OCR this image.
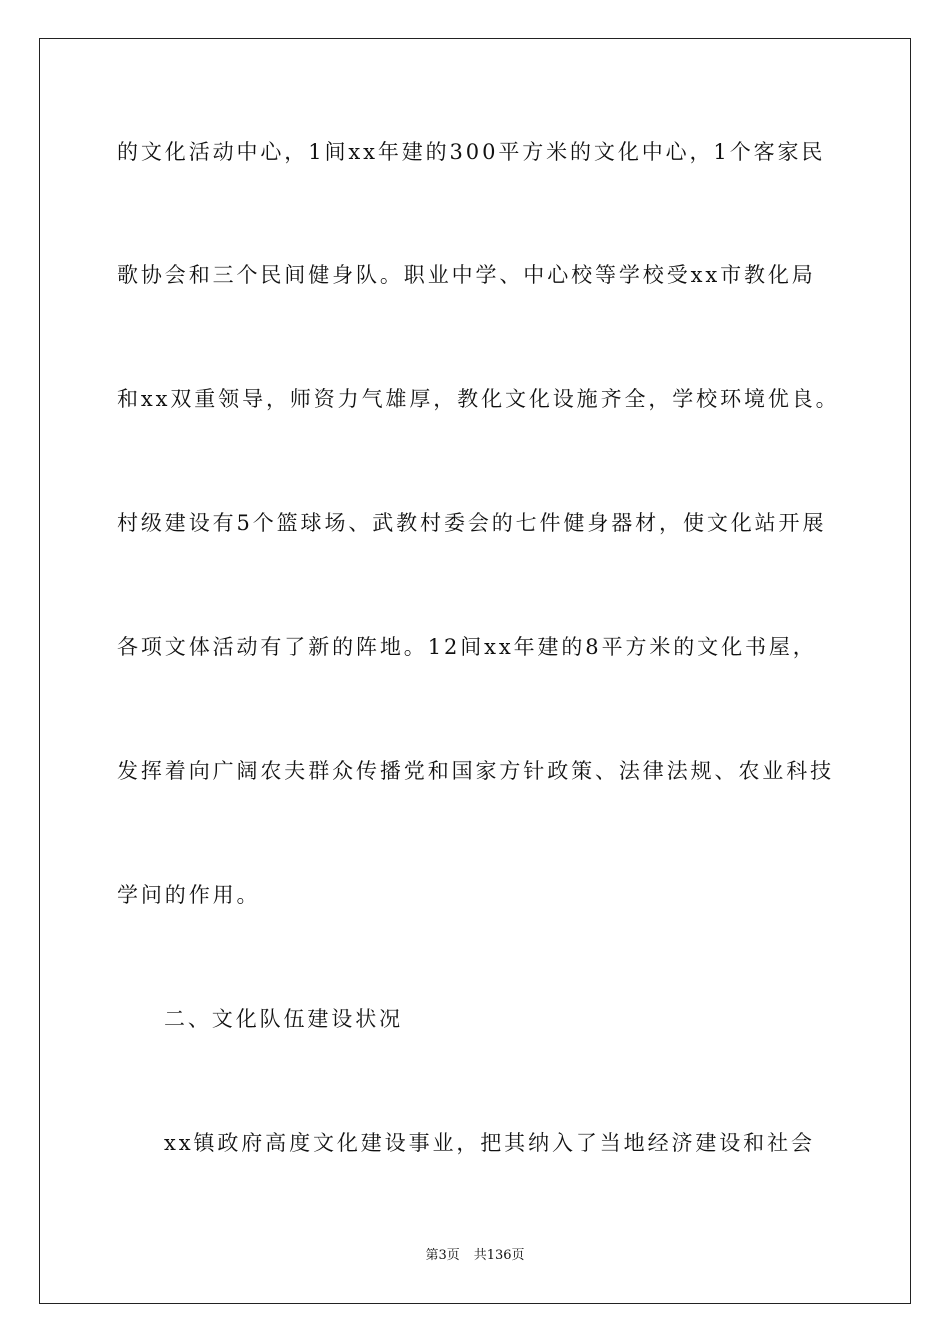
的文化活动中心，1间xx年建的300平方米的文化中心，1个客家民

歌协会和三个民间健身队。职业中学、中心校等学校受xx市教化局

和xx双重领导，师资力气雄厚，教化文化设施齐全，学校环境优良。

村级建设有5个篮球场、武教村委会的七件健身器材，使文化站开展

各项文体活动有了新的阵地。12间xx年建的8平方米的文化书屋，

发挥着向广阔农夫群众传播党和国家方针政策、法律法规、农业科技

学问的作用。

二、文化队伍建设状况

xx镇政府高度文化建设事业，把其纳入了当地经济建设和社会

第3页 共136页
